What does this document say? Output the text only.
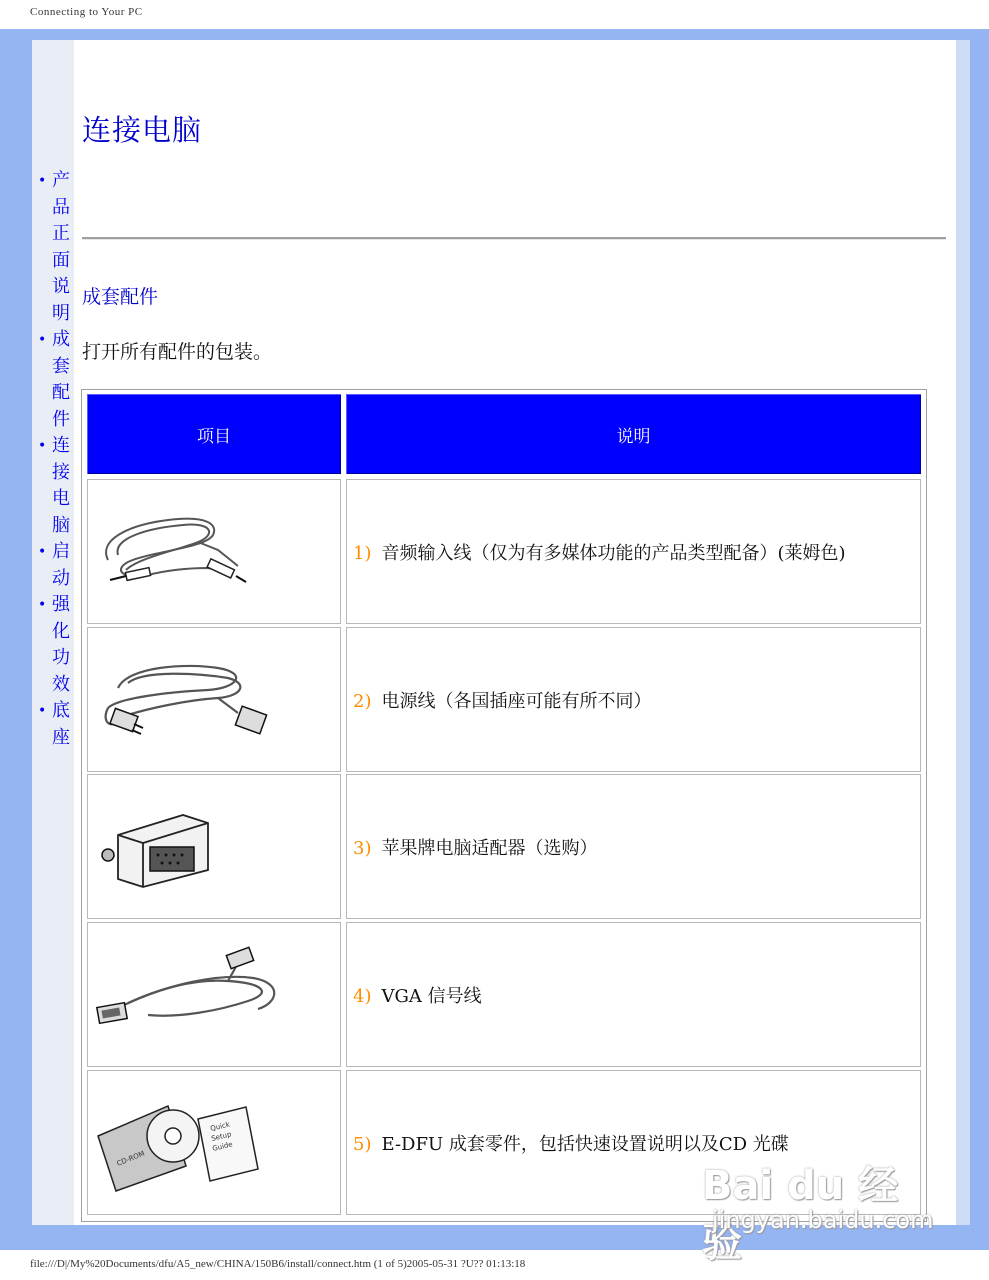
Connecting to Your PC
• 产品正面说明
• 成套配件
• 连接电脑
• 启动
• 强化功效
• 底座
连接电脑
成套配件

打开所有配件的包装。

项目	说明
1) 音频输入线（仅为有多媒体功能的产品类型配备）(莱姆色)
2) 电源线（各国插座可能有所不同）
3) 苹果牌电脑适配器（选购）
4) VGA 信号线
CD-ROM
Quick
Setup
Guide	5) E-DFU 成套零件，包括快速设置说明以及CD 光碟
Bai du 经验
jingyan.baidu.com
file:///D|/My%20Documents/dfu/A5_new/CHINA/150B6/install/connect.htm (1 of 5)2005-05-31 ?U?? 01:13:18
